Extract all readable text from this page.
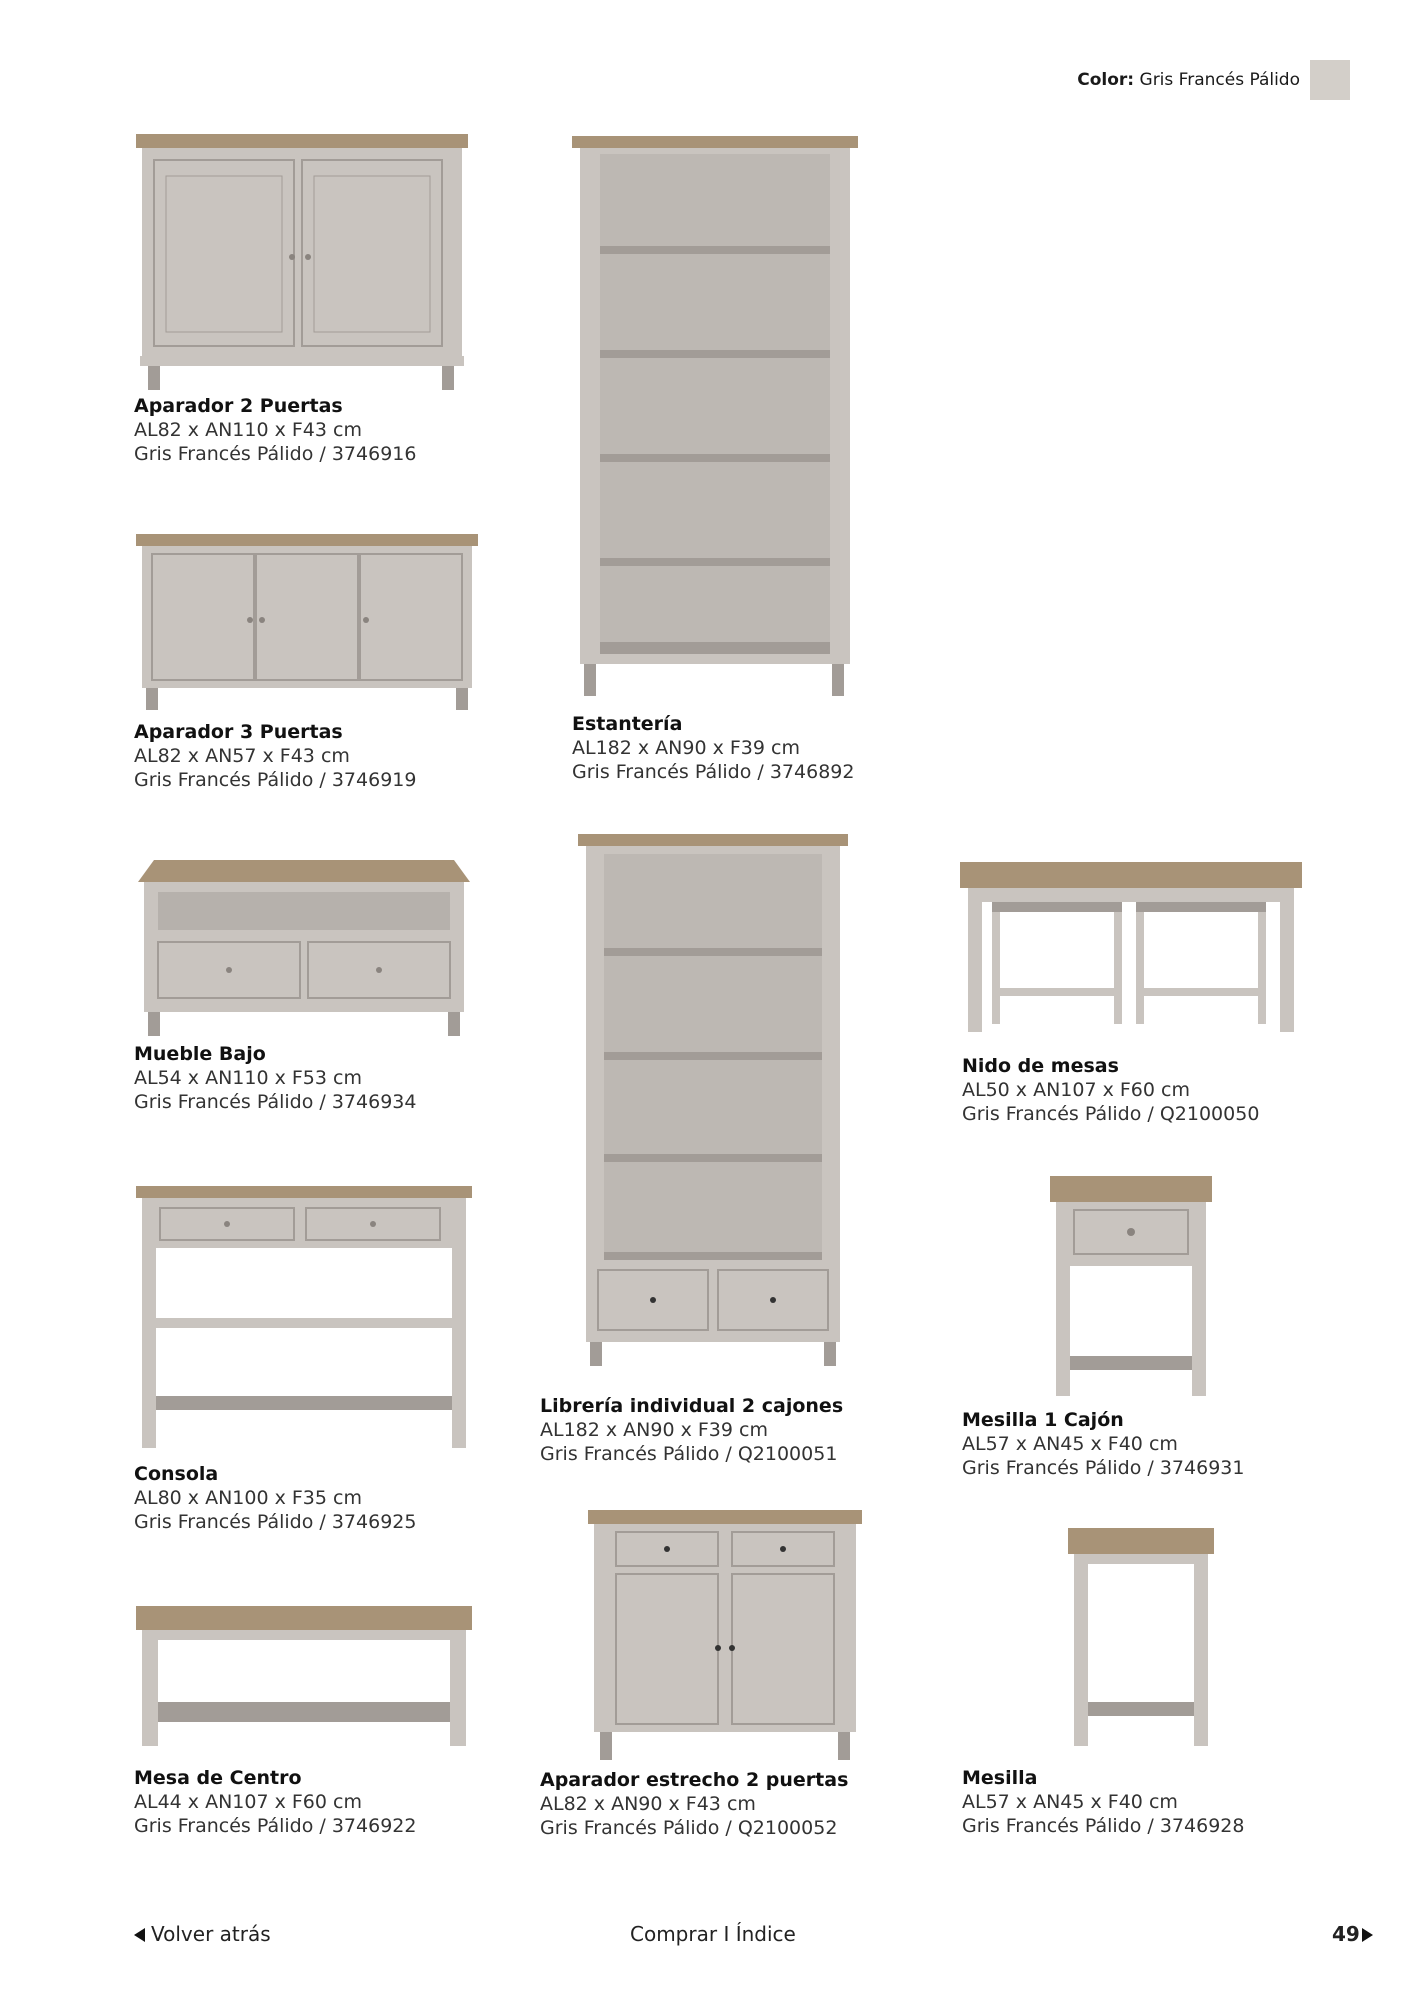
Color: Gris Francés Pálido
Aparador 2 Puertas
AL82 x AN110 x F43 cm
Gris Francés Pálido / 3746916
Estantería
AL182 x AN90 x F39 cm
Gris Francés Pálido / 3746892
Aparador 3 Puertas
AL82 x AN57 x F43 cm
Gris Francés Pálido / 3746919
Mueble Bajo
AL54 x AN110 x F53 cm
Gris Francés Pálido / 3746934
Librería individual 2 cajones
AL182 x AN90 x F39 cm
Gris Francés Pálido / Q2100051
Nido de mesas
AL50 x AN107 x F60 cm
Gris Francés Pálido / Q2100050
Consola
AL80 x AN100 x F35 cm
Gris Francés Pálido / 3746925
Mesilla 1 Cajón
AL57 x AN45 x F40 cm
Gris Francés Pálido / 3746931
Mesa de Centro
AL44 x AN107 x F60 cm
Gris Francés Pálido / 3746922
Aparador estrecho 2 puertas
AL82 x AN90 x F43 cm
Gris Francés Pálido / Q2100052
Mesilla
AL57 x AN45 x F40 cm
Gris Francés Pálido / 3746928
Volver atrás	Comprar I Índice	49
